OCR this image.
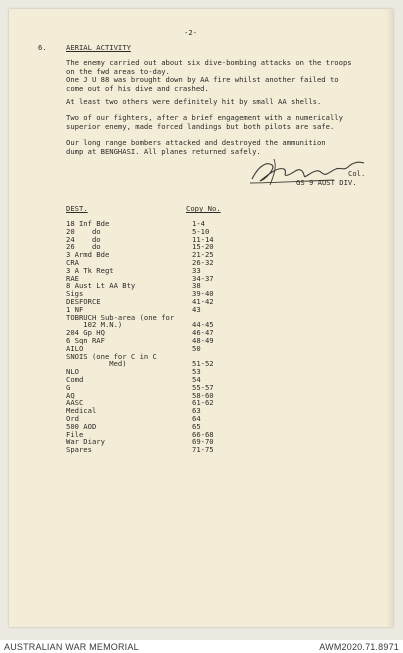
-2-
6.	AERIAL ACTIVITY
The enemy carried out about six dive-bombing attacks on the troops
on the fwd areas to-day.
One J U 88 was brought down by AA fire whilst another failed to
come out of his dive and crashed.
At least two others were definitely hit by small AA shells.
Two of our fighters, after a brief engagement with a numerically
superior enemy, made forced landings but both pilots are safe.
Our long range bombers attacked and destroyed the ammunition
dump at BENGHASI. All planes returned safely.
Col.
GS 9 AUST DIV.
DEST.	Copy No.
18 Inf Bde	1-4
20    do	5-10
24    do	11-14
26    do	15-20
3 Armd Bde	21-25
CRA	26-32
3 A Tk Regt	33
RAE	34-37
8 Aust Lt AA Bty	38
Sigs	39-40
DESFORCE	41-42
1 NF	43
TOBRUCH Sub-area (one for
102 M.N.)	44-45
204 Gp HQ	46-47
6 Sqn RAF	48-49
AILO	50
SNOIS (one for C in C
Med)	51-52
NLO	53
Comd	54
G	55-57
AQ	58-60
AASC	61-62
Medical	63
Ord	64
500 AOD	65
File	66-68
War Diary	69-70
Spares	71-75
AUSTRALIAN WAR MEMORIAL	AWM2020.71.8971
